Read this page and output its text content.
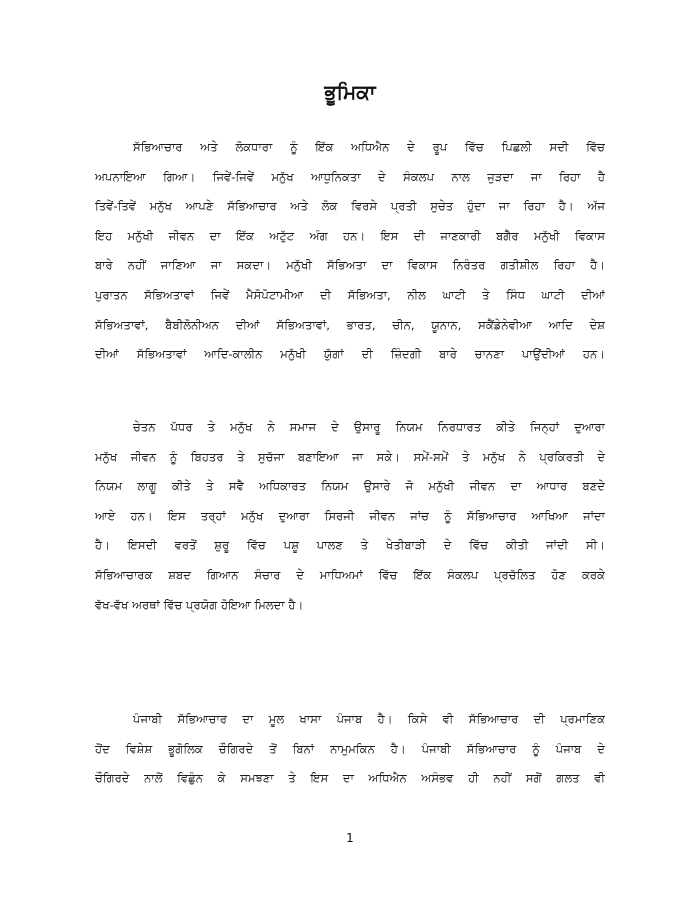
ਭੂਮਿਕਾ

ਸੱਭਿਆਚਾਰ ਅਤੇ ਲੋਕਧਾਰਾ ਨੂੰ ਇੱਕ ਅਧਿਐਨ ਦੇ ਰੂਪ ਵਿੱਚ ਪਿਛਲੀ ਸਦੀ ਵਿੱਚ
ਅਪਨਾਇਆ ਗਿਆ। ਜਿਵੇਂ-ਜਿਵੇਂ ਮਨੁੱਖ ਆਧੁਨਿਕਤਾ ਦੇ ਸੰਕਲਪ ਨਾਲ ਜੁੜਦਾ ਜਾ ਰਿਹਾ ਹੈ
ਤਿਵੇਂ-ਤਿਵੇਂ ਮਨੁੱਖ ਆਪਣੇ ਸੱਭਿਆਚਾਰ ਅਤੇ ਲੋਕ ਵਿਰਸੇ ਪ੍ਰਤੀ ਸੁਚੇਤ ਹੁੰਦਾ ਜਾ ਰਿਹਾ ਹੈ। ਅੱਜ
ਇਹ ਮਨੁੱਖੀ ਜੀਵਨ ਦਾ ਇੱਕ ਅਟੁੱਟ ਅੰਗ ਹਨ। ਇਸ ਦੀ ਜਾਣਕਾਰੀ ਬਗੈਰ ਮਨੁੱਖੀ ਵਿਕਾਸ
ਬਾਰੇ ਨਹੀਂ ਜਾਣਿਆ ਜਾ ਸਕਦਾ। ਮਨੁੱਖੀ ਸੱਭਿਅਤਾ ਦਾ ਵਿਕਾਸ ਨਿਰੰਤਰ ਗਤੀਸ਼ੀਲ ਰਿਹਾ ਹੈ।
ਪੁਰਾਤਨ ਸੱਭਿਅਤਾਵਾਂ ਜਿਵੇਂ ਮੈਸੋਪੋਟਾਮੀਆ ਦੀ ਸੱਭਿਅਤਾ, ਨੀਲ ਘਾਟੀ ਤੇ ਸਿੰਧ ਘਾਟੀ ਦੀਆਂ
ਸੱਭਿਅਤਾਵਾਂ, ਬੈਬੀਲੋਨੀਅਨ ਦੀਆਂ ਸੱਭਿਅਤਾਵਾਂ, ਭਾਰਤ, ਚੀਨ, ਯੂਨਾਨ, ਸਕੈਂਡੇਨੇਵੀਆ ਆਦਿ ਦੇਸ਼
ਦੀਆਂ ਸੱਭਿਅਤਾਵਾਂ ਆਦਿ-ਕਾਲੀਨ ਮਨੁੱਖੀ ਯੁੱਗਾਂ ਦੀ ਜ਼ਿੰਦਗੀ ਬਾਰੇ ਚਾਨਣਾ ਪਾਉਂਦੀਆਂ ਹਨ।

ਚੇਤਨ ਪੱਧਰ ਤੇ ਮਨੁੱਖ ਨੇ ਸਮਾਜ ਦੇ ਉਸਾਰੂ ਨਿਯਮ ਨਿਰਧਾਰਤ ਕੀਤੇ ਜਿਨ੍ਹਾਂ ਦੁਆਰਾ
ਮਨੁੱਖ ਜੀਵਨ ਨੂੰ ਬਿਹਤਰ ਤੇ ਸੁਚੱਜਾ ਬਣਾਇਆ ਜਾ ਸਕੇ। ਸਮੇਂ-ਸਮੇਂ ਤੇ ਮਨੁੱਖ ਨੇ ਪ੍ਰਕਿਰਤੀ ਦੇ
ਨਿਯਮ ਲਾਗੂ ਕੀਤੇ ਤੇ ਸਵੈ ਅਧਿਕਾਰਤ ਨਿਯਮ ਉਸਾਰੇ ਜੋ ਮਨੁੱਖੀ ਜੀਵਨ ਦਾ ਆਧਾਰ ਬਣਦੇ
ਆਏ ਹਨ। ਇਸ ਤਰ੍ਹਾਂ ਮਨੁੱਖ ਦੁਆਰਾ ਸਿਰਜੀ ਜੀਵਨ ਜਾਂਚ ਨੂੰ ਸੱਭਿਆਚਾਰ ਆਖਿਆ ਜਾਂਦਾ
ਹੈ। ਇਸਦੀ ਵਰਤੋਂ ਸ਼ੁਰੂ ਵਿੱਚ ਪਸ਼ੂ ਪਾਲਣ ਤੇ ਖੇਤੀਬਾੜੀ ਦੇ ਵਿੱਚ ਕੀਤੀ ਜਾਂਦੀ ਸੀ।
ਸੱਭਿਆਚਾਰਕ ਸ਼ਬਦ ਗਿਆਨ ਸੰਚਾਰ ਦੇ ਮਾਧਿਅਮਾਂ ਵਿੱਚ ਇੱਕ ਸੰਕਲਪ ਪ੍ਰਚੱਲਿਤ ਹੋਣ ਕਰਕੇ
ਵੱਖ-ਵੱਖ ਅਰਥਾਂ ਵਿੱਚ ਪ੍ਰਯੋਗ ਹੋਇਆ ਮਿਲਦਾ ਹੈ।

ਪੰਜਾਬੀ ਸੱਭਿਆਚਾਰ ਦਾ ਮੂਲ ਖਾਸਾ ਪੰਜਾਬ ਹੈ। ਕਿਸੇ ਵੀ ਸੱਭਿਆਚਾਰ ਦੀ ਪ੍ਰਮਾਣਿਕ
ਹੋਂਦ ਵਿਸ਼ੇਸ਼ ਭੂਗੋਲਿਕ ਚੌਗਿਰਦੇ ਤੋਂ ਬਿਨਾਂ ਨਾਮੁਮਕਿਨ ਹੈ। ਪੰਜਾਬੀ ਸੱਭਿਆਚਾਰ ਨੂੰ ਪੰਜਾਬ ਦੇ
ਚੌਗਿਰਦੇ ਨਾਲੋਂ ਵਿਛੁੰਨ ਕੇ ਸਮਝਣਾ ਤੇ ਇਸ ਦਾ ਅਧਿਐਨ ਅਸੰਭਵ ਹੀ ਨਹੀਂ ਸਗੋਂ ਗਲਤ ਵੀ

1
